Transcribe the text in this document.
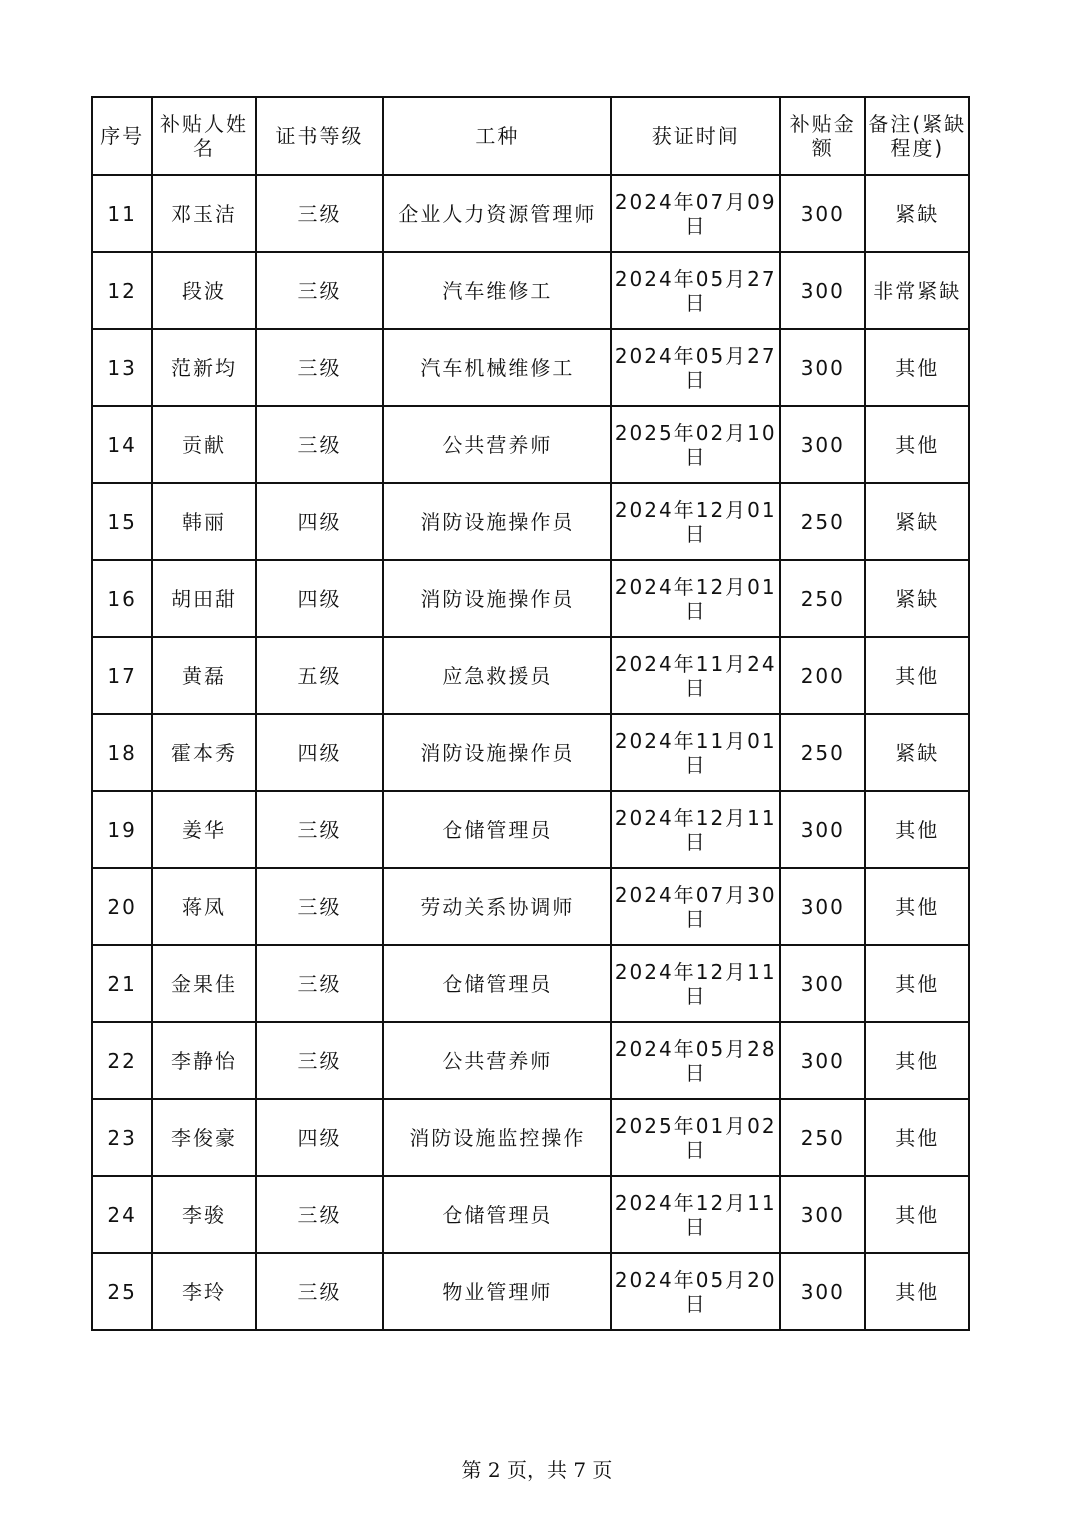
序号	补贴人姓名	证书等级	工种	获证时间	补贴金额	备注(紧缺程度)
11	邓玉洁	三级	企业人力资源管理师	2024年07月09日	300	紧缺
12	段波	三级	汽车维修工	2024年05月27日	300	非常紧缺
13	范新均	三级	汽车机械维修工	2024年05月27日	300	其他
14	贡献	三级	公共营养师	2025年02月10日	300	其他
15	韩丽	四级	消防设施操作员	2024年12月01日	250	紧缺
16	胡田甜	四级	消防设施操作员	2024年12月01日	250	紧缺
17	黄磊	五级	应急救援员	2024年11月24日	200	其他
18	霍本秀	四级	消防设施操作员	2024年11月01日	250	紧缺
19	姜华	三级	仓储管理员	2024年12月11日	300	其他
20	蒋凤	三级	劳动关系协调师	2024年07月30日	300	其他
21	金果佳	三级	仓储管理员	2024年12月11日	300	其他
22	李静怡	三级	公共营养师	2024年05月28日	300	其他
23	李俊豪	四级	消防设施监控操作	2025年01月02日	250	其他
24	李骏	三级	仓储管理员	2024年12月11日	300	其他
25	李玲	三级	物业管理师	2024年05月20日	300	其他
第 2 页，共 7 页
